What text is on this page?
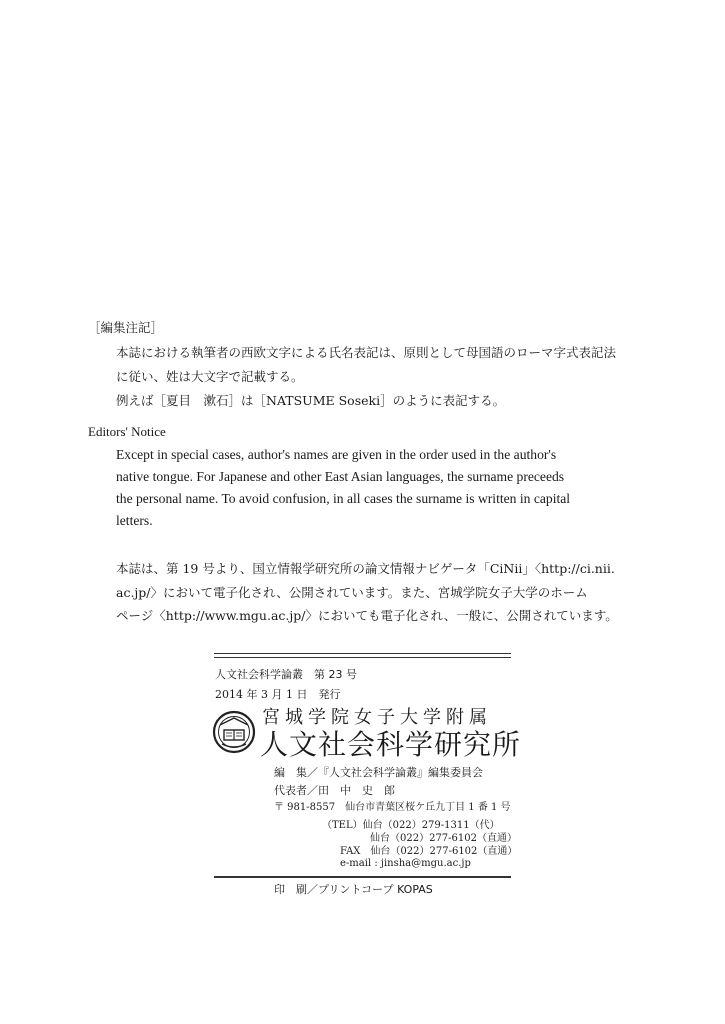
［編集注記］
本誌における執筆者の西欧文字による氏名表記は、原則として母国語のローマ字式表記法
に従い、姓は大文字で記載する。
例えば［夏目　漱石］は［NATSUME Soseki］のように表記する。
Editors' Notice
Except in special cases, author's names are given in the order used in the author's
native tongue. For Japanese and other East Asian languages, the surname preceeds
the personal name. To avoid confusion, in all cases the surname is written in capital
letters.
本誌は、第 19 号より、国立情報学研究所の論文情報ナビゲータ「CiNii」〈http://ci.nii.
ac.jp/〉において電子化され、公開されています。また、宮城学院女子大学のホーム
ページ〈http://www.mgu.ac.jp/〉においても電子化され、一般に、公開されています。
人文社会科学論叢　第 23 号
2014 年 3 月 1 日　発行
宮城学院女子大学附属
人文社会科学研究所
編　集／『人文社会科学論叢』編集委員会
代表者／田　中　史　郎
〒 981-8557　仙台市青葉区桜ケ丘九丁目 1 番 1 号
（TEL）仙台（022）279-1311（代）
仙台（022）277-6102（直通）
FAX　仙台（022）277-6102（直通）
e-mail : jinsha@mgu.ac.jp
印　刷／プリントコープ KOPAS
